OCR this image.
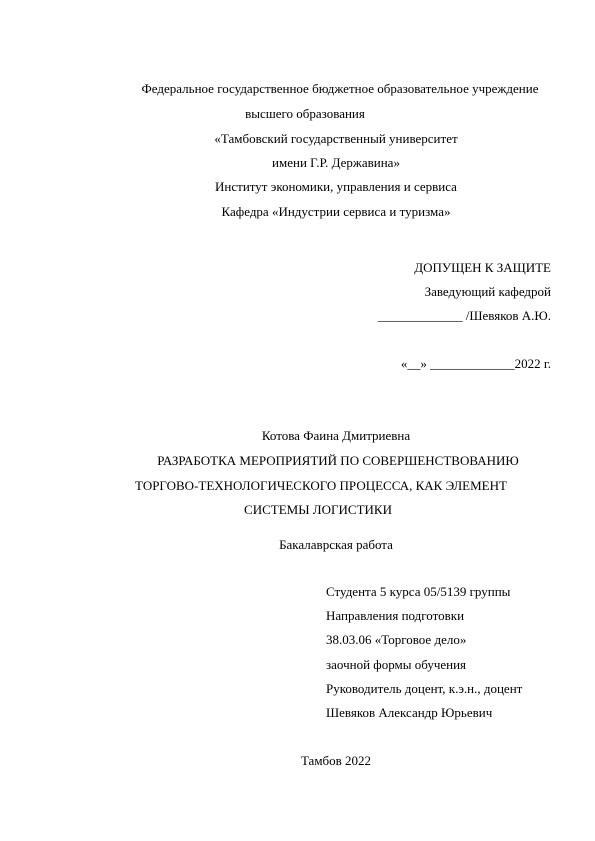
Федеральное государственное бюджетное образовательное учреждение
высшего образования
«Тамбовский государственный университет
имени Г.Р. Державина»
Институт экономики, управления и сервиса
Кафедра «Индустрии сервиса и туризма»
ДОПУЩЕН К ЗАЩИТЕ
Заведующий кафедрой
_____________ /Шевяков А.Ю.
«__» _____________2022 г.
Котова Фаина Дмитриевна
РАЗРАБОТКА МЕРОПРИЯТИЙ ПО СОВЕРШЕНСТВОВАНИЮ
ТОРГОВО-ТЕХНОЛОГИЧЕСКОГО ПРОЦЕССА, КАК ЭЛЕМЕНТ
СИСТЕМЫ ЛОГИСТИКИ
Бакалаврская работа
Студента 5 курса 05/5139 группы
Направления подготовки
38.03.06 «Торговое дело»
заочной формы обучения
Руководитель доцент, к.э.н., доцент
Шевяков Александр Юрьевич
Тамбов 2022
